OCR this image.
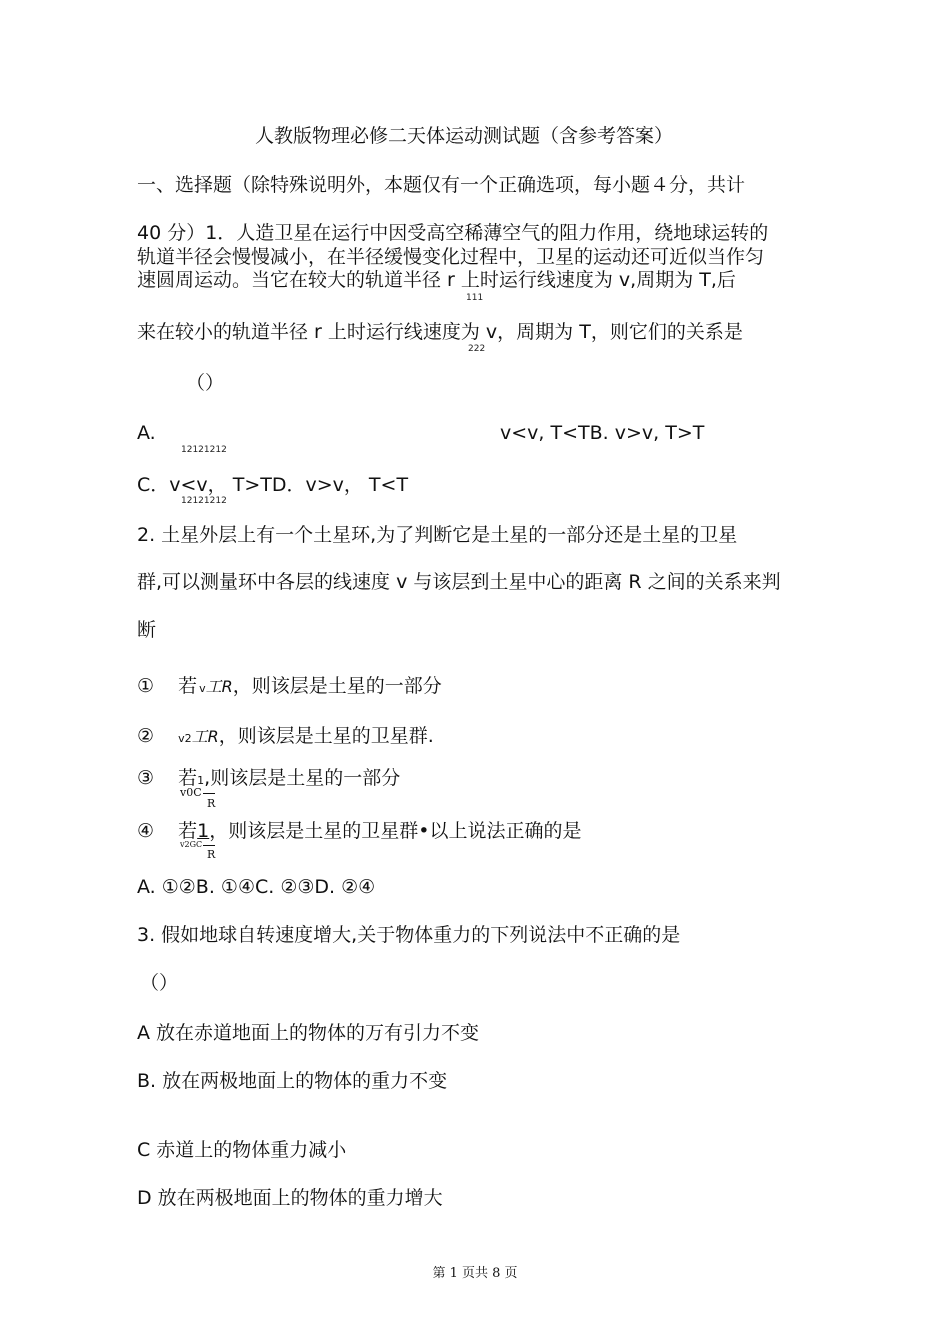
人教版物理必修二天体运动测试题（含参考答案）
一、选择题（除特殊说明外，本题仅有一个正确选项，每小题４分，共计
40 分）1．人造卫星在运行中因受高空稀薄空气的阻力作用，绕地球运转的
轨道半径会慢慢减小，在半径缓慢变化过程中，卫星的运动还可近似当作匀
速圆周运动。当它在较大的轨道半径 r 上时运行线速度为 v,周期为 T,后
111
来在较小的轨道半径 r 上时运行线速度为 v，周期为 T，则它们的关系是
222
（）
A.
12121212
v<v, T<TB. v>v, T>T
C．v<v， T>TD．v>v， T<T
12121212
2. 土星外层上有一个土星环,为了判断它是土星的一部分还是土星的卫星
群,可以测量环中各层的线速度 v 与该层到土星中心的距离 R 之间的关系来判
断
① 若 v工R，则该层是土星的一部分
② v2工R，则该层是土星的卫星群.
③ 若1,则该层是土星的一部分
v0C
R
④ 若1，则该层是土星的卫星群•以上说法正确的是
v2GC
R
A. ①②B. ①④C. ②③D. ②④
3. 假如地球自转速度增大,关于物体重力的下列说法中不正确的是
（）
A 放在赤道地面上的物体的万有引力不变
B. 放在两极地面上的物体的重力不变
C 赤道上的物体重力减小
D 放在两极地面上的物体的重力增大
第 1 页共 8 页
